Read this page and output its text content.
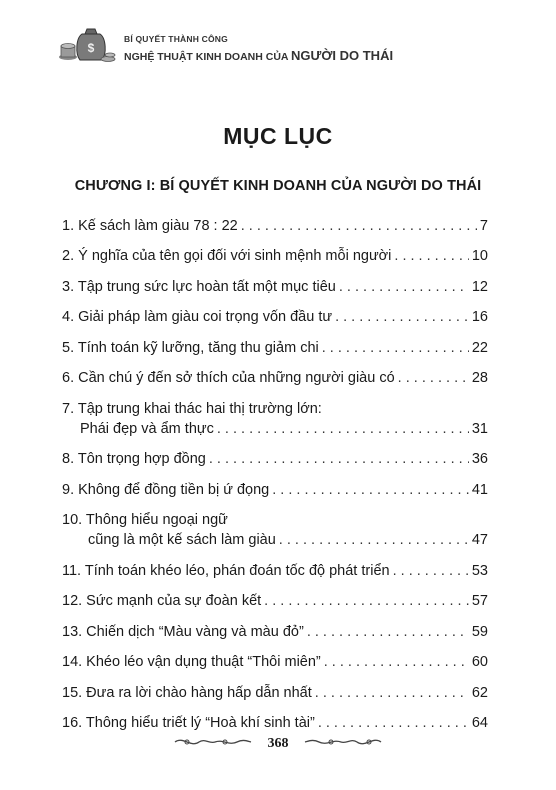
$
BÍ QUYẾT THÀNH CÔNG
NGHỆ THUẬT KINH DOANH CỦA NGƯỜI DO THÁI
MỤC LỤC
CHƯƠNG I: BÍ QUYẾT KINH DOANH CỦA NGƯỜI DO THÁI
1. Kế sách làm giàu 78 : 22 . . .	7
2. Ý nghĩa của tên gọi đối với sinh mệnh mỗi người . . .	10
3. Tập trung sức lực hoàn tất một mục tiêu . . .	12
4. Giải pháp làm giàu coi trọng vốn đầu tư . . .	16
5. Tính toán kỹ lưỡng, tăng thu giảm chi . . .	22
6. Cần chú ý đến sở thích của những người giàu có . . .	28
7. Tập trung khai thác hai thị trường lớn:
Phái đẹp và ẩm thực . . .	31
8. Tôn trọng hợp đồng . . .	36
9. Không để đồng tiền bị ứ đọng . . .	41
10. Thông hiểu ngoại ngữ
cũng là một kế sách làm giàu . . .	47
11. Tính toán khéo léo, phán đoán tốc độ phát triển . . .	53
12. Sức mạnh của sự đoàn kết . . .	57
13. Chiến dịch “Màu vàng và màu đỏ” . . .	59
14. Khéo léo vận dụng thuật “Thôi miên” . . .	60
15. Đưa ra lời chào hàng hấp dẫn nhất . . .	62
16. Thông hiểu triết lý “Hoà khí sinh tài” . . .	64
368
